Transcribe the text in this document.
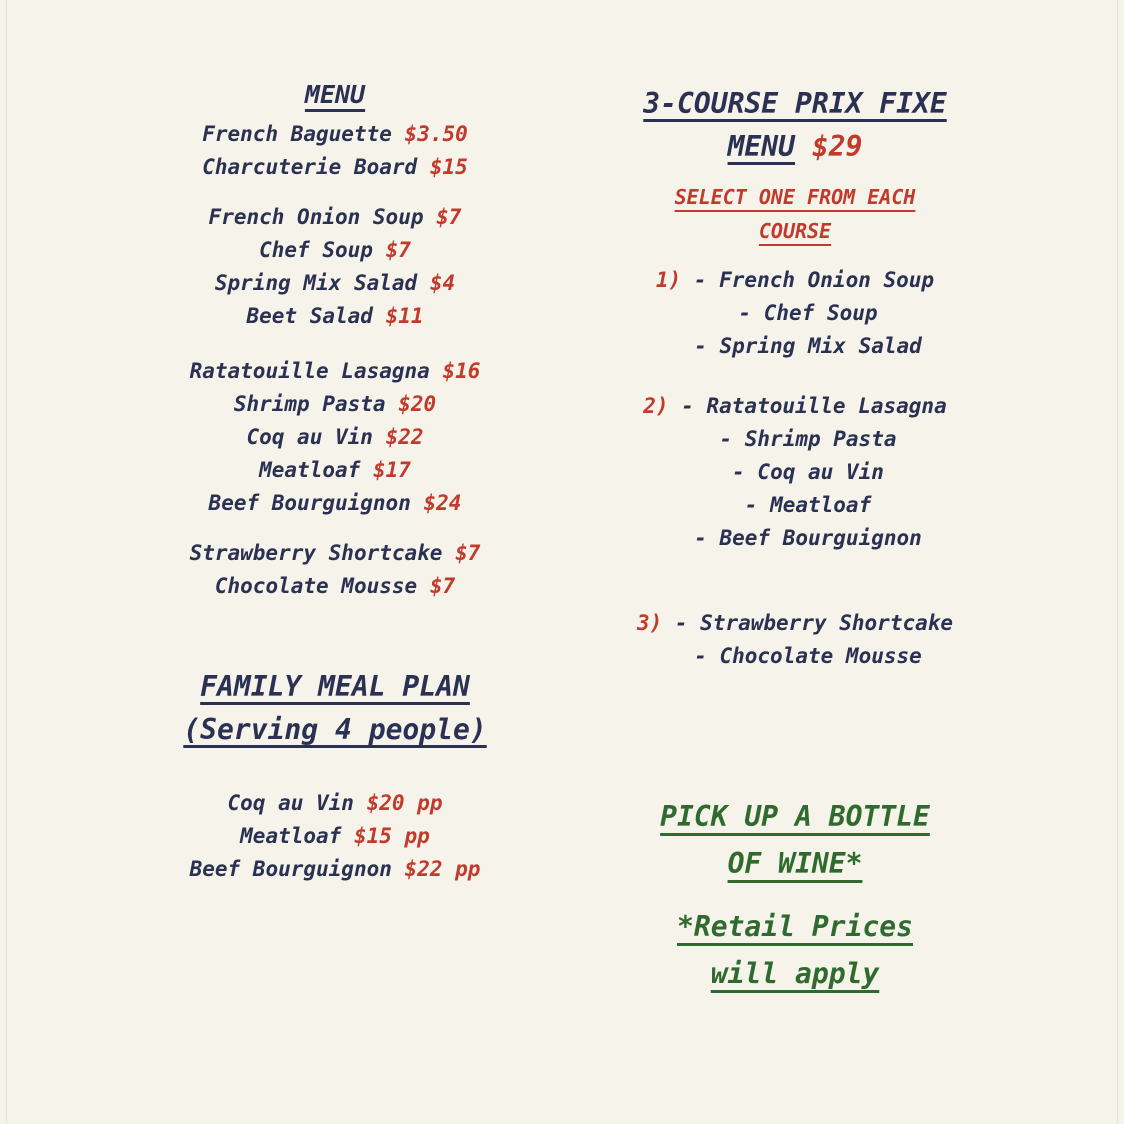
MENU
French Baguette $3.50
Charcuterie Board $15
French Onion Soup $7
Chef Soup $7
Spring Mix Salad $4
Beet Salad $11
Ratatouille Lasagna $16
Shrimp Pasta $20
Coq au Vin $22
Meatloaf $17
Beef Bourguignon $24
Strawberry Shortcake $7
Chocolate Mousse $7
FAMILY MEAL PLAN
(Serving 4 people)
Coq au Vin $20 pp
Meatloaf $15 pp
Beef Bourguignon $22 pp
3-COURSE PRIX FIXE
MENU $29
SELECT ONE FROM EACH
COURSE
1) - French Onion Soup
- Chef Soup
- Spring Mix Salad
2) - Ratatouille Lasagna
- Shrimp Pasta
- Coq au Vin
- Meatloaf
- Beef Bourguignon
3) - Strawberry Shortcake
- Chocolate Mousse
PICK UP A BOTTLE
OF WINE*
*Retail Prices
will apply
